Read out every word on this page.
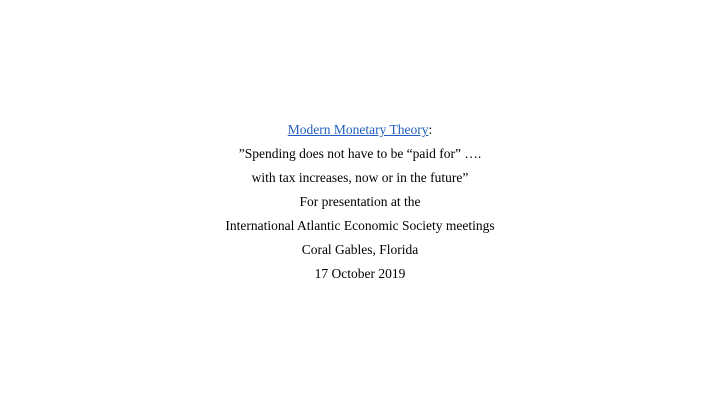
Modern Monetary Theory:
”Spending does not have to be “paid for” ….
with tax increases, now or in the future”
For presentation at the
International Atlantic Economic Society meetings
Coral Gables, Florida
17 October 2019
